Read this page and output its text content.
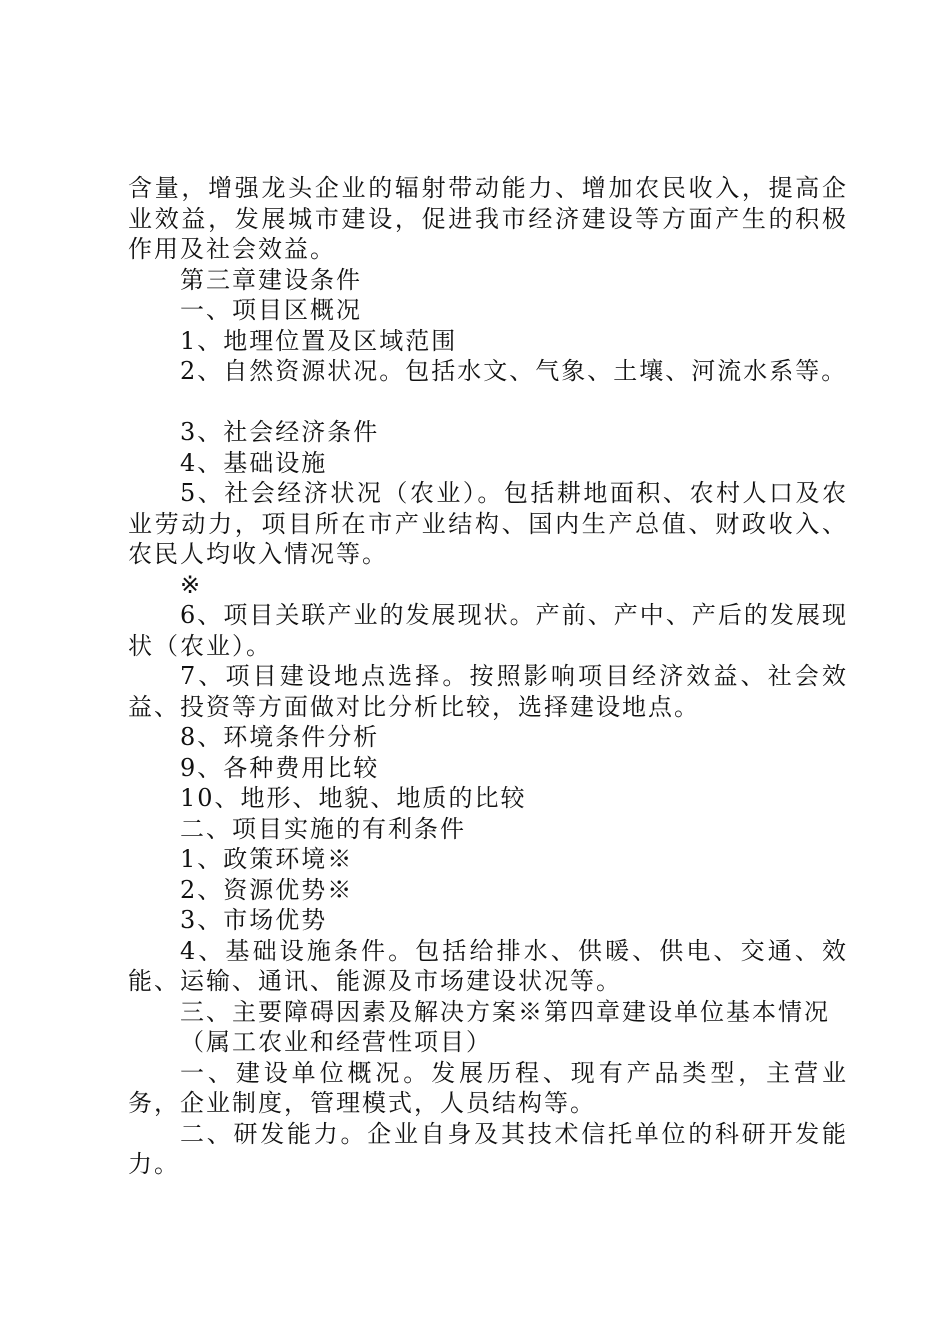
含量，增强龙头企业的辐射带动能力、增加农民收入，提高企业效益，发展城市建设，促进我市经济建设等方面产生的积极作用及社会效益。

第三章建设条件

一、项目区概况

1、地理位置及区域范围

2、自然资源状况。包括水文、气象、土壤、河流水系等。

3、社会经济条件

4、基础设施

5、社会经济状况（农业）。包括耕地面积、农村人口及农业劳动力，项目所在市产业结构、国内生产总值、财政收入、农民人均收入情况等。

※

6、项目关联产业的发展现状。产前、产中、产后的发展现状（农业）。

7、项目建设地点选择。按照影响项目经济效益、社会效益、投资等方面做对比分析比较，选择建设地点。

8、环境条件分析

9、各种费用比较

10、地形、地貌、地质的比较

二、项目实施的有利条件

1、政策环境※

2、资源优势※

3、市场优势

4、基础设施条件。包括给排水、供暖、供电、交通、效能、运输、通讯、能源及市场建设状况等。

三、主要障碍因素及解决方案※第四章建设单位基本情况

（属工农业和经营性项目）

一、建设单位概况。发展历程、现有产品类型，主营业务，企业制度，管理模式，人员结构等。

二、研发能力。企业自身及其技术信托单位的科研开发能力。
